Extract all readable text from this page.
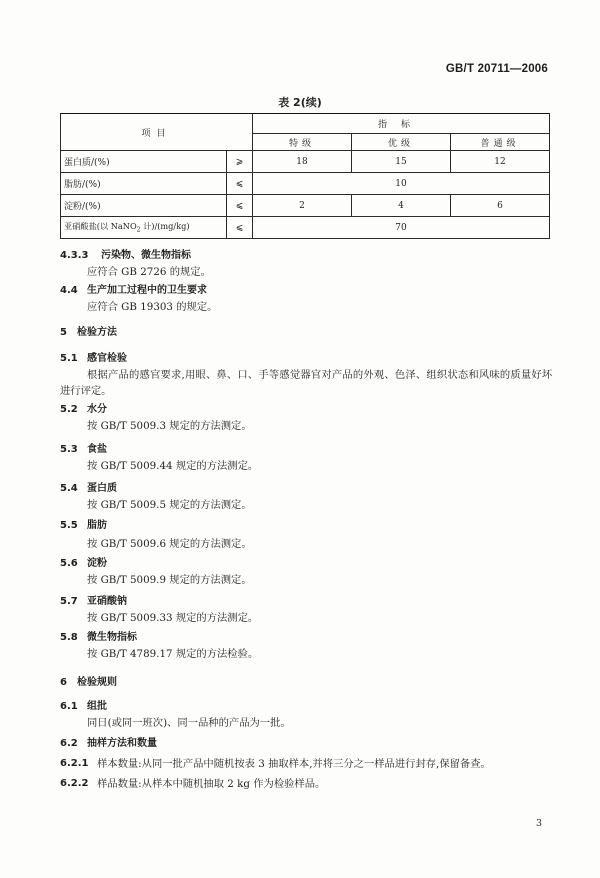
GB/T 20711—2006
表 2(续)
项目		指标		
		特级	优级	普通级
蛋白质/(%)	⩾	18	15	12
脂肪/(%)	⩽	10		
淀粉/(%)	⩽	2	4	6
亚硝酸盐(以 NaNO$_2$ 计)/(mg/kg)	⩽	70		
4.3.3 污染物、微生物指标
应符合 GB 2726 的规定。
4.4 生产加工过程中的卫生要求
应符合 GB 19303 的规定。
5 检验方法
5.1 感官检验
根据产品的感官要求,用眼、鼻、口、手等感觉器官对产品的外观、色泽、组织状态和风味的质量好坏
进行评定。
5.2 水分
按 GB/T 5009.3 规定的方法测定。
5.3 食盐
按 GB/T 5009.44 规定的方法测定。
5.4 蛋白质
按 GB/T 5009.5 规定的方法测定。
5.5 脂肪
按 GB/T 5009.6 规定的方法测定。
5.6 淀粉
按 GB/T 5009.9 规定的方法测定。
5.7 亚硝酸钠
按 GB/T 5009.33 规定的方法测定。
5.8 微生物指标
按 GB/T 4789.17 规定的方法检验。
6 检验规则
6.1 组批
同日(或同一班次)、同一品种的产品为一批。
6.2 抽样方法和数量
6.2.1 样本数量:从同一批产品中随机按表 3 抽取样本,并将三分之一样品进行封存,保留备查。
6.2.2 样品数量:从样本中随机抽取 2 kg 作为检验样品。
3
